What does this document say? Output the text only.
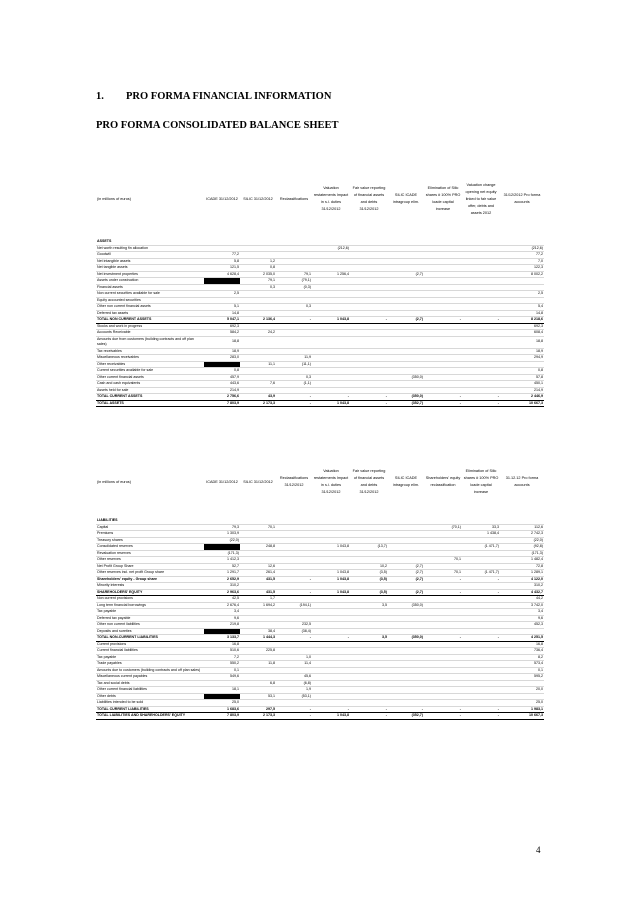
1. PRO FORMA FINANCIAL INFORMATION
PRO FORMA CONSOLIDATED BALANCE SHEET
(in millions of euros)	ICADE 31/12/2012	SILIC 31/12/2012	Reclassifications	Valuation restatements Impact in s.i. duties 31/12/2012	Fair value reporting of financial assets and debts 31/12/2012	SILIC ICADE intragroup elim.	Elimination of Silic shares # 100% PRO loade capital increase	Valuation change opening net equity linked to fair value offer, debts and assets 2012	31/12/2012 Pro forma accounts
ASSETS									
Net worth resulting fin allocation				(212,6)					(212,6)
Goodwill	77,2								77,2
Net intangible assets	5,8	1,2							7,0
Net tangible assets	121,5	0,8							122,3
Net investment properties	4 628,4	2 035,0	79,1	1 256,4		(2,7)			8 002,2
Assets under construction		79,1	(79,1)						
Financial assets		0,3	(0,3)						
Non current securities available for sale	2,5								2,5
Equity accounted securities									
Other non current financial assets	5,1		0,3						5,4
Deferred tax assets	14,8								14,8
TOTAL NON CURRENT ASSETS	5 047,1	2 136,4	-	1 043,8	-	(2,7)	-	-	8 218,6
Stocks and work in progress	692,3								692,3
Accounts Receivable	584,2	24,2							608,4
Amounts due from customers (building contracts and off plan sales)	18,8								18,8
Tax receivables	18,9								18,9
Miscellaneous receivables	283,0		11,9						294,9
Other receivables		11,1	(11,1)						
Current securities available for sale	0,8								0,8
Other current financial assets	457,9		0,3			(350,0)			57,8
Cash and cash equivalents	443,6	7,6	(1,1)						450,1
Assets held for sale	214,9								214,9
TOTAL CURRENT ASSETS	2 756,6	43,9	-	-	-	(350,0)	-	-	2 446,9
TOTAL ASSETS	7 803,9	2 173,3	-	1 043,8	-	(352,7)	-	-	10 667,3
(in millions of euros)	ICADE 31/12/2012	SILIC 31/12/2012	Reclassifications 31/12/2012	Valuation restatements Impact in s.i. duties 31/12/2012	Fair value reporting of financial assets and debts 31/12/2012	SILIC ICADE intragroup elim.	Shareholders' equity reclassification	Elimination of Silic shares # 100% PRO loade capital increase	31.12.12 Pro forma accounts
LIABILITIES									
Capital	79,3	70,1					(70,1)	33,3	112,6
Premiums	1 303,9							1 438,4	2 742,3
Treasury shares	(22,0)								(22,0)
Consolidated reserves		248,8		1 043,8	(13,7)			(1 471,7)	(92,8)
Revaluation reserves	(171,3)								(171,3)
Other reserves	1 412,3						70,1		1 482,4
Net Profit Group Share	52,7	12,6			10,2	(2,7)			72,8
Other reserves incl. net profit Group share	1 291,7	261,4		1 043,8	(3,5)	(2,7)	70,1	(1 471,7)	1 289,1
Shareholders' equity - Group share	2 652,9	431,5	-	1 043,8	(3,5)	(2,7)	-	-	4 122,0
Minority interests	310,2								310,2
SHAREHOLDERS' EQUITY	2 963,6	431,5	-	1 043,8	(3,5)	(2,7)	-	-	4 432,7
Non current provisions	42,5	1,7							44,2
Long term financial borrowings	2 676,4	1 694,2	(194,1)		3,5	(350,0)			3 742,0
Tax payable	3,4								3,4
Deferred tax payable	9,6								9,6
Other non current liabilities	219,8		232,5						452,3
Deposits and sureties		38,4	(38,4)						
TOTAL NON-CURRENT LIABILITIES	3 133,7	1 444,3	-	-	3,5	(350,0)	-	-	4 251,5
Current provisions	16,8								16,8
Current financial liabilities	510,6	225,8							736,4
Tax payable	7,2		1,0						8,2
Trade payables	550,2	11,8	11,4						573,4
Amounts due to customers (building contracts and off plan sales)	0,1								0,1
Miscellaneous current payables	549,6		45,6						595,2
Tax and social debts		6,8	(6,8)						
Other current financial liabilities	18,1		1,9						20,0
Other debts		53,1	(53,1)						
Liabilities intended to be sold	25,0								25,0
TOTAL CURRENT LIABILITIES	1 683,6	297,5	-	-	-	-	-	-	1 983,1
TOTAL LIABILITIES AND SHAREHOLDERS' EQUITY	7 803,9	2 173,3	-	1 043,8	-	(352,7)	-	-	10 667,3
4
